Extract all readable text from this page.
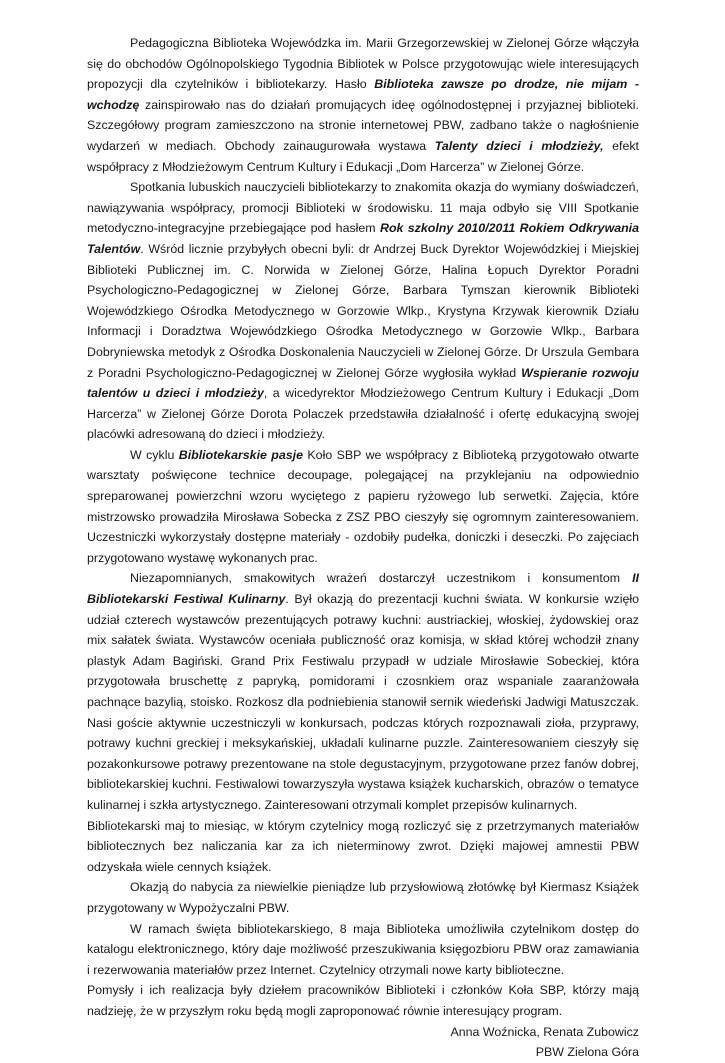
Pedagogiczna Biblioteka Wojewódzka im. Marii Grzegorzewskiej w Zielonej Górze włączyła się do obchodów Ogólnopolskiego Tygodnia Bibliotek w Polsce przygotowując wiele interesujących propozycji dla czytelników i bibliotekarzy. Hasło Biblioteka zawsze po drodze, nie mijam - wchodzę zainspirowało nas do działań promujących ideę ogólnodostępnej i przyjaznej biblioteki. Szczegółowy program zamieszczono na stronie internetowej PBW, zadbano także o nagłośnienie wydarzeń w mediach. Obchody zainaugurowała wystawa Talenty dzieci i młodzieży, efekt współpracy z Młodzieżowym Centrum Kultury i Edukacji „Dom Harcerza” w Zielonej Górze.

Spotkania lubuskich nauczycieli bibliotekarzy to znakomita okazja do wymiany doświadczeń, nawiązywania współpracy, promocji Biblioteki w środowisku. 11 maja odbyło się VIII Spotkanie metodyczno-integracyjne przebiegające pod hasłem Rok szkolny 2010/2011 Rokiem Odkrywania Talentów. Wśród licznie przybyłych obecni byli: dr Andrzej Buck Dyrektor Wojewódzkiej i Miejskiej Biblioteki Publicznej im. C. Norwida w Zielonej Górze, Halina Łopuch Dyrektor Poradni Psychologiczno-Pedagogicznej w Zielonej Górze, Barbara Tymszan kierownik Biblioteki Wojewódzkiego Ośrodka Metodycznego w Gorzowie Wlkp., Krystyna Krzywak kierownik Działu Informacji i Doradztwa Wojewódzkiego Ośrodka Metodycznego w Gorzowie Wlkp., Barbara Dobryniewska metodyk z Ośrodka Doskonalenia Nauczycieli w Zielonej Górze. Dr Urszula Gembara z Poradni Psychologiczno-Pedagogicznej w Zielonej Górze wygłosiła wykład Wspieranie rozwoju talentów u dzieci i młodzieży, a wicedyrektor Młodzieżowego Centrum Kultury i Edukacji „Dom Harcerza” w Zielonej Górze Dorota Polaczek przedstawiła działalność i ofertę edukacyjną swojej placówki adresowaną do dzieci i młodzieży.

W cyklu Bibliotekarskie pasje Koło SBP we współpracy z Biblioteką przygotowało otwarte warsztaty poświęcone technice decoupage, polegającej na przyklejaniu na odpowiednio spreparowanej powierzchni wzoru wyciętego z papieru ryżowego lub serwetki. Zajęcia, które mistrzowsko prowadziła Mirosława Sobecka z ZSZ PBO cieszyły się ogromnym zainteresowaniem. Uczestniczki wykorzystały dostępne materiały - ozdobiły pudełka, doniczki i deseczki. Po zajęciach przygotowano wystawę wykonanych prac.

Niezapomnianych, smakowitych wrażeń dostarczył uczestnikom i konsumentom II Bibliotekarski Festiwal Kulinarny. Był okazją do prezentacji kuchni świata. W konkursie wzięło udział czterech wystawców prezentujących potrawy kuchni: austriackiej, włoskiej, żydowskiej oraz mix sałatek świata. Wystawców oceniała publiczność oraz komisja, w skład której wchodził znany plastyk Adam Bagiński. Grand Prix Festiwalu przypadł w udziale Mirosławie Sobeckiej, która przygotowała bruschettę z papryką, pomidorami i czosnkiem oraz wspaniale zaaranżowała pachnące bazylią, stoisko. Rozkosz dla podniebienia stanowił sernik wiedeński Jadwigi Matuszczak. Nasi goście aktywnie uczestniczyli w konkursach, podczas których rozpoznawali zioła, przyprawy, potrawy kuchni greckiej i meksykańskiej, układali kulinarne puzzle. Zainteresowaniem cieszyły się pozakonkursowe potrawy prezentowane na stole degustacyjnym, przygotowane przez fanów dobrej, bibliotekarskiej kuchni. Festiwalowi towarzyszyła wystawa książek kucharskich, obrazów o tematyce kulinarnej i szkła artystycznego. Zainteresowani otrzymali komplet przepisów kulinarnych.

Bibliotekarski maj to miesiąc, w którym czytelnicy mogą rozliczyć się z przetrzymanych materiałów bibliotecznych bez naliczania kar za ich nieterminowy zwrot. Dzięki majowej amnestii PBW odzyskała wiele cennych książek.

Okazją do nabycia za niewielkie pieniądze lub przysłowiową złotówkę był Kiermasz Książek przygotowany w Wypożyczalni PBW.

W ramach święta bibliotekarskiego, 8 maja Biblioteka umożliwiła czytelnikom dostęp do katalogu elektronicznego, który daje możliwość przeszukiwania księgozbioru PBW oraz zamawiania i rezerwowania materiałów przez Internet. Czytelnicy otrzymali nowe karty biblioteczne.

Pomysły i ich realizacja były dziełem pracowników Biblioteki i członków Koła SBP, którzy mają nadzieję, że w przyszłym roku będą mogli zaproponować równie interesujący program.

Anna Woźnicka, Renata Zubowicz

PBW Zielona Góra
